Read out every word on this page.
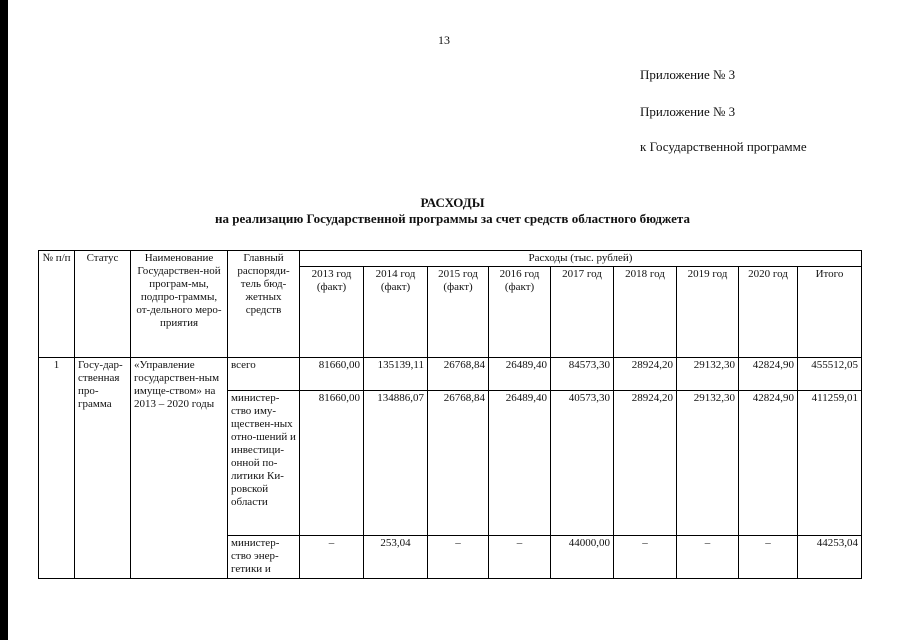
13
Приложение № 3
Приложение № 3
к Государственной программе
РАСХОДЫ
на реализацию Государственной программы за счет средств областного бюджета
№ п/п	Статус	Наименование Государствен-ной програм-мы, подпро-граммы, от-дельного меро-приятия	Главный распоряди-тель бюд-жетных средств	Расходы (тыс. рублей)								
				2013 год (факт)	2014 год (факт)	2015 год (факт)	2016 год (факт)	2017 год	2018 год	2019 год	2020 год	Итого
1	Госу-дар-ственная про-грамма	«Управление государствен-ным имуще-ством» на 2013 – 2020 годы	всего	81660,00	135139,11	26768,84	26489,40	84573,30	28924,20	29132,30	42824,90	455512,05
			министер-ство иму-ществен-ных отно-шений и инвестици-онной по-литики Ки-ровской области	81660,00	134886,07	26768,84	26489,40	40573,30	28924,20	29132,30	42824,90	411259,01
			министер-ство энер-гетики и	–	253,04	–	–	44000,00	–	–	–	44253,04
